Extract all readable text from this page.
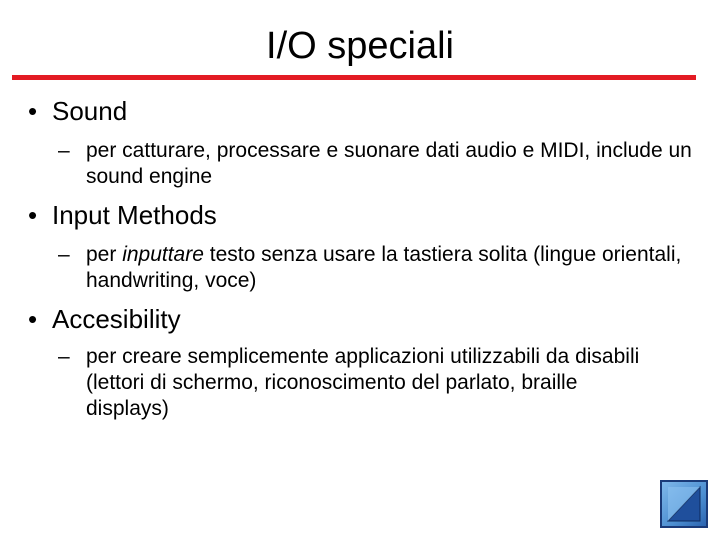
I/O speciali
• Sound
– per catturare, processare e suonare dati audio e MIDI, include un sound engine
• Input Methods
– per inputtare testo senza usare la tastiera solita (lingue orientali, handwriting, voce)
• Accesibility
– per creare semplicemente applicazioni utilizzabili da disabili (lettori di schermo, riconoscimento del parlato, braille displays)
